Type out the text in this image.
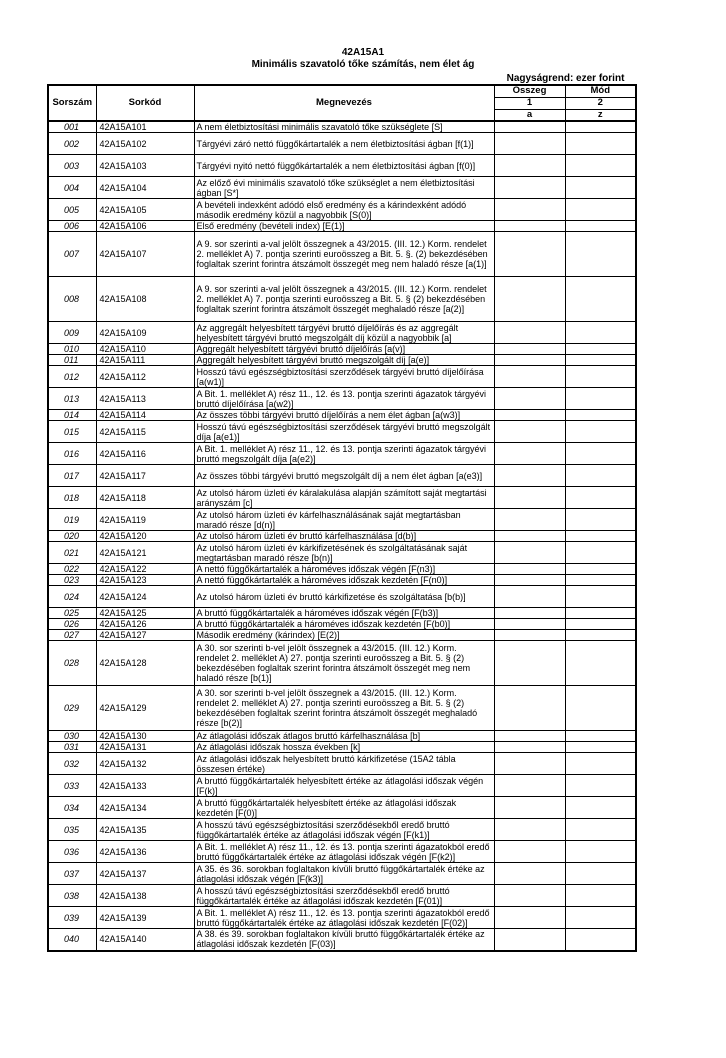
42A15A1
Minimális szavatoló tőke számítás, nem élet ág
Nagyságrend: ezer forint
Sorszám	Sorkód	Megnevezés	Összeg	Mód
			1	2
			a	z
001	42A15A101	A nem életbiztosítási minimális szavatoló tőke szükséglete [S]		
002	42A15A102	Tárgyévi záró nettó függőkártartalék a nem életbiztosítási ágban [f(1)]		
003	42A15A103	Tárgyévi nyitó nettó függőkártartalék a nem életbiztosítási ágban [f(0)]		
004	42A15A104	Az előző évi minimális szavatoló tőke szükséglet a nem életbiztosítási ágban [S*]		
005	42A15A105	A bevételi indexként adódó első eredmény és a kárindexként adódó második eredmény közül a nagyobbik [S(0)]		
006	42A15A106	Első eredmény (bevételi index) [E(1)]		
007	42A15A107	A 9. sor szerinti a-val jelölt összegnek a 43/2015. (III. 12.) Korm. rendelet 2. melléklet A) 7. pontja szerinti euroösszeg a Bit. 5. §. (2) bekezdésében foglaltak szerint forintra átszámolt összegét meg nem haladó része [a(1)]		
008	42A15A108	A 9. sor szerinti a-val jelölt összegnek a 43/2015. (III. 12.) Korm. rendelet 2. melléklet A) 7. pontja szerinti euroösszeg a Bit. 5. § (2) bekezdésében foglaltak szerint forintra átszámolt összegét meghaladó része [a(2)]		
009	42A15A109	Az aggregált helyesbített tárgyévi bruttó díjelőírás és az aggregált helyesbített tárgyévi bruttó megszolgált díj közül a nagyobbik [a]		
010	42A15A110	Aggregált helyesbített tárgyévi bruttó díjelőírás [a(v)]		
011	42A15A111	Aggregált helyesbített tárgyévi bruttó megszolgált díj [a(e)]		
012	42A15A112	Hosszú távú egészségbiztosítási szerződések tárgyévi bruttó díjelőírása [a(w1)]		
013	42A15A113	A Bit. 1. melléklet A) rész 11., 12. és 13. pontja szerinti ágazatok tárgyévi bruttó díjelőírása [a(w2)]		
014	42A15A114	Az összes többi tárgyévi bruttó díjelőírás a nem élet ágban [a(w3)]		
015	42A15A115	Hosszú távú egészségbiztosítási szerződések tárgyévi bruttó megszolgált díja [a(e1)]		
016	42A15A116	A Bit. 1. melléklet A) rész 11., 12. és 13. pontja szerinti ágazatok tárgyévi bruttó megszolgált díja [a(e2)]		
017	42A15A117	Az összes többi tárgyévi bruttó megszolgált díj a nem élet ágban [a(e3)]		
018	42A15A118	Az utolsó három üzleti év káralakulása alapján számított saját megtartási arányszám [c]		
019	42A15A119	Az utolsó három üzleti év kárfelhasználásának saját megtartásban maradó része [d(n)]		
020	42A15A120	Az utolsó három üzleti év bruttó kárfelhasználása [d(b)]		
021	42A15A121	Az utolsó három üzleti év kárkifizetésének és szolgáltatásának saját megtartásban maradó része [b(n)]		
022	42A15A122	A nettó függőkártartalék a hároméves időszak végén [F(n3)]		
023	42A15A123	A nettó függőkártartalék a hároméves időszak kezdetén [F(n0)]		
024	42A15A124	Az utolsó három üzleti év bruttó kárkifizetése és szolgáltatása [b(b)]		
025	42A15A125	A bruttó függőkártartalék a hároméves időszak végén [F(b3)]		
026	42A15A126	A bruttó függőkártartalék a hároméves időszak kezdetén [F(b0)]		
027	42A15A127	Második eredmény (kárindex) [E(2)]		
028	42A15A128	A 30. sor szerinti b-vel jelölt összegnek a 43/2015. (III. 12.) Korm. rendelet 2. melléklet A) 27. pontja szerinti euroösszeg a Bit. 5. § (2) bekezdésében foglaltak szerint forintra átszámolt összegét meg nem haladó része [b(1)]		
029	42A15A129	A 30. sor szerinti b-vel jelölt összegnek a 43/2015. (III. 12.) Korm. rendelet 2. melléklet A) 27. pontja szerinti euroösszeg a Bit. 5. § (2) bekezdésében foglaltak szerint forintra átszámolt összegét meghaladó része [b(2)]		
030	42A15A130	Az átlagolási időszak átlagos bruttó kárfelhasználása [b]		
031	42A15A131	Az átlagolási időszak hossza években [k]		
032	42A15A132	Az átlagolási időszak helyesbített bruttó kárkifizetése (15A2 tábla összesen értéke)		
033	42A15A133	A bruttó függőkártartalék helyesbített értéke az átlagolási időszak végén [F(k)]		
034	42A15A134	A bruttó függőkártartalék helyesbített értéke az átlagolási időszak kezdetén [F(0)]		
035	42A15A135	A hosszú távú egészségbiztosítási szerződésekből eredő bruttó függőkártartalék értéke az átlagolási időszak végén [F(k1)]		
036	42A15A136	A Bit. 1. melléklet A) rész 11., 12. és 13. pontja szerinti ágazatokból eredő bruttó függőkártartalék értéke az átlagolási időszak végén [F(k2)]		
037	42A15A137	A 35. és 36. sorokban foglaltakon kívüli bruttó függőkártartalék értéke az átlagolási időszak végén [F(k3)]		
038	42A15A138	A hosszú távú egészségbiztosítási szerződésekből eredő bruttó függőkártartalék értéke az átlagolási időszak kezdetén [F(01)]		
039	42A15A139	A Bit. 1. melléklet A) rész 11., 12. és 13. pontja szerinti ágazatokból eredő bruttó függőkártartalék értéke az átlagolási időszak kezdetén [F(02)]		
040	42A15A140	A 38. és 39. sorokban foglaltakon kívüli bruttó függőkártartalék értéke az átlagolási időszak kezdetén [F(03)]		
